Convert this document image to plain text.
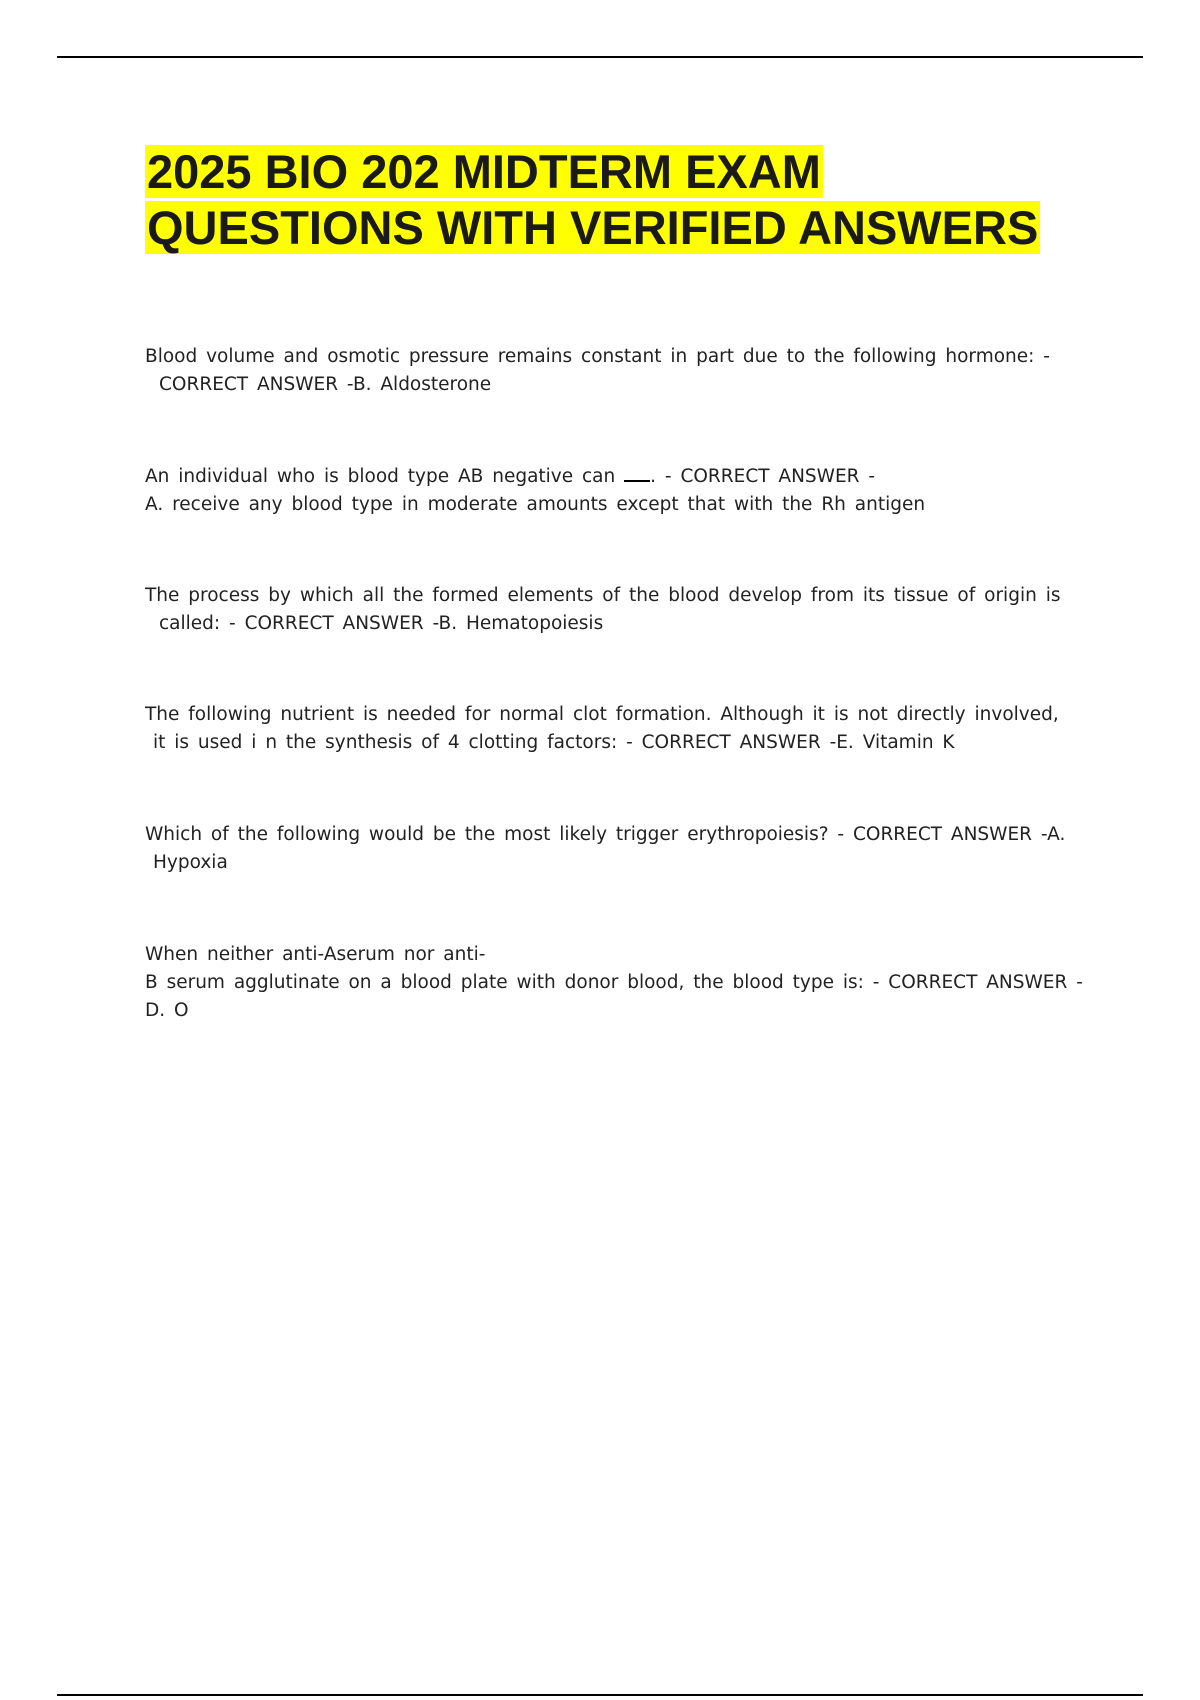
2025 BIO 202 MIDTERM EXAM
QUESTIONS WITH VERIFIED ANSWERS

Blood volume and osmotic pressure remains constant in part due to the following hormone: -
CORRECT ANSWER -B. Aldosterone

An individual who is blood type AB negative can . - CORRECT ANSWER -
A. receive any blood type in moderate amounts except that with the Rh antigen

The process by which all the formed elements of the blood develop from its tissue of origin is
called: - CORRECT ANSWER -B. Hematopoiesis

The following nutrient is needed for normal clot formation. Although it is not directly involved,
it is used i n the synthesis of 4 clotting factors: - CORRECT ANSWER -E. Vitamin K

Which of the following would be the most likely trigger erythropoiesis? - CORRECT ANSWER -A.
Hypoxia

When neither anti-Aserum nor anti-
B serum agglutinate on a blood plate with donor blood, the blood type is: - CORRECT ANSWER -
D. O
